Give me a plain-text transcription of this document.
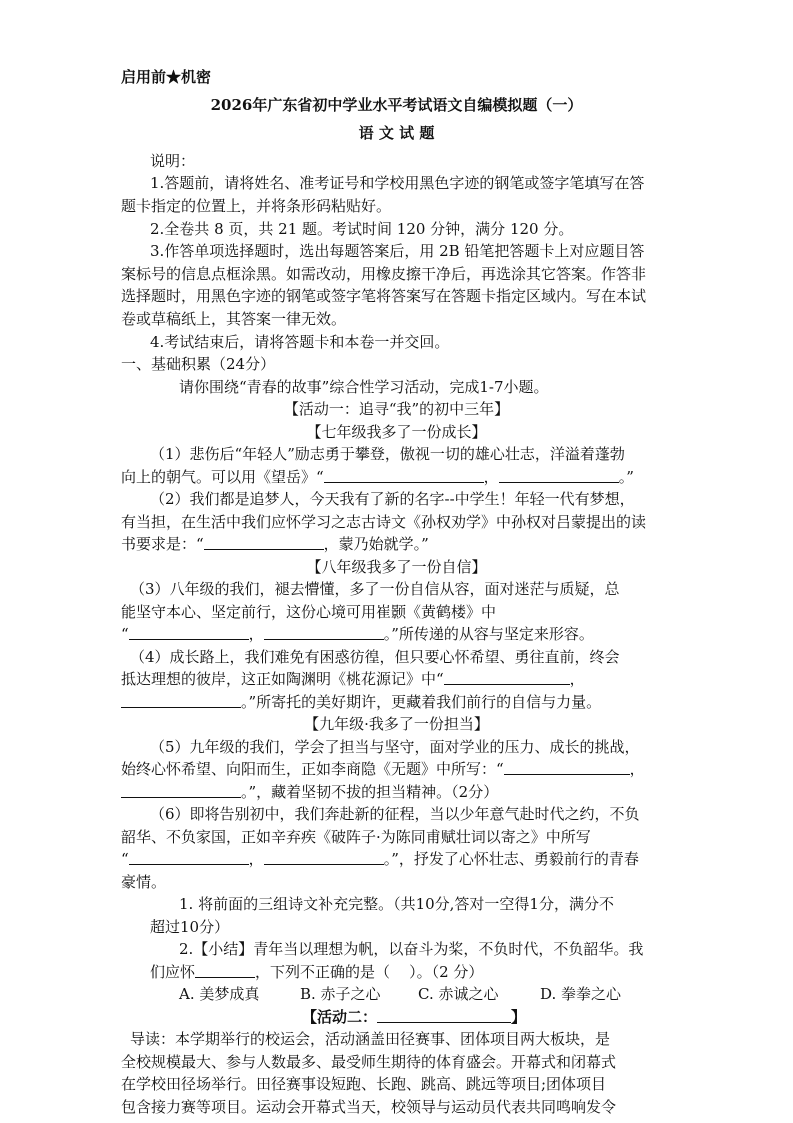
启用前★机密
2026年广东省初中学业水平考试语文自编模拟题（一）
语 文 试 题
说明：
1.答题前，请将姓名、准考证号和学校用黑色字迹的钢笔或签字笔填写在答
题卡指定的位置上，并将条形码粘贴好。
2.全卷共 8 页，共 21 题。考试时间 120 分钟，满分 120 分。
3.作答单项选择题时，选出每题答案后，用 2B 铅笔把答题卡上对应题目答
案标号的信息点框涂黑。如需改动，用橡皮擦干净后，再选涂其它答案。作答非
选择题时，用黑色字迹的钢笔或签字笔将答案写在答题卡指定区域内。写在本试
卷或草稿纸上，其答案一律无效。
4.考试结束后，请将答题卡和本卷一并交回。
一、基础积累（24分）
请你围绕“青春的故事”综合性学习活动，完成1-7小题。
【活动一：追寻“我”的初中三年】
【七年级我多了一份成长】
（1）悲伤后“年轻人”励志勇于攀登，傲视一切的雄心壮志，洋溢着蓬勃
向上的朝气。可以用《望岳》“	，	。”
（2）我们都是追梦人，今天我有了新的名字--中学生！年轻一代有梦想，
有当担，在生活中我们应怀学习之志古诗文《孙权劝学》中孙权对吕蒙提出的读
书要求是：“	，蒙乃始就学。”
【八年级我多了一份自信】
（3）八年级的我们，褪去懵懂，多了一份自信从容，面对迷茫与质疑，总
能坚守本心、坚定前行，这份心境可用崔颢《黄鹤楼》中
“	，	。”所传递的从容与坚定来形容。
（4）成长路上，我们难免有困惑彷徨，但只要心怀希望、勇往直前，终会
抵达理想的彼岸，这正如陶渊明《桃花源记》中“	，
。”所寄托的美好期许，更藏着我们前行的自信与力量。
【九年级·我多了一份担当】
（5）九年级的我们，学会了担当与坚守，面对学业的压力、成长的挑战，
始终心怀希望、向阳而生，正如李商隐《无题》中所写：“	，
。”，藏着坚韧不拔的担当精神。（2分）
（6）即将告别初中，我们奔赴新的征程，当以少年意气赴时代之约，不负
韶华、不负家国，正如辛弃疾《破阵子·为陈同甫赋壮词以寄之》中所写
“	，	。”，抒发了心怀壮志、勇毅前行的青春
豪情。
1. 将前面的三组诗文补充完整。（共10分,答对一空得1分，满分不
超过10分）
2.【小结】青年当以理想为帆，以奋斗为桨，不负时代，不负韶华。我
们应怀	，下列不正确的是（    ）。（2 分）
A. 美梦成真	B. 赤子之心 C. 赤诚之心	D. 拳拳之心
【活动二：	】
导读：本学期举行的校运会，活动涵盖田径赛事、团体项目两大板块，是
全校规模最大、参与人数最多、最受师生期待的体育盛会。开幕式和闭幕式
在学校田径场举行。田径赛事设短跑、长跑、跳高、跳远等项目;团体项目
包含接力赛等项目。运动会开幕式当天，校领导与运动员代表共同鸣响发令
